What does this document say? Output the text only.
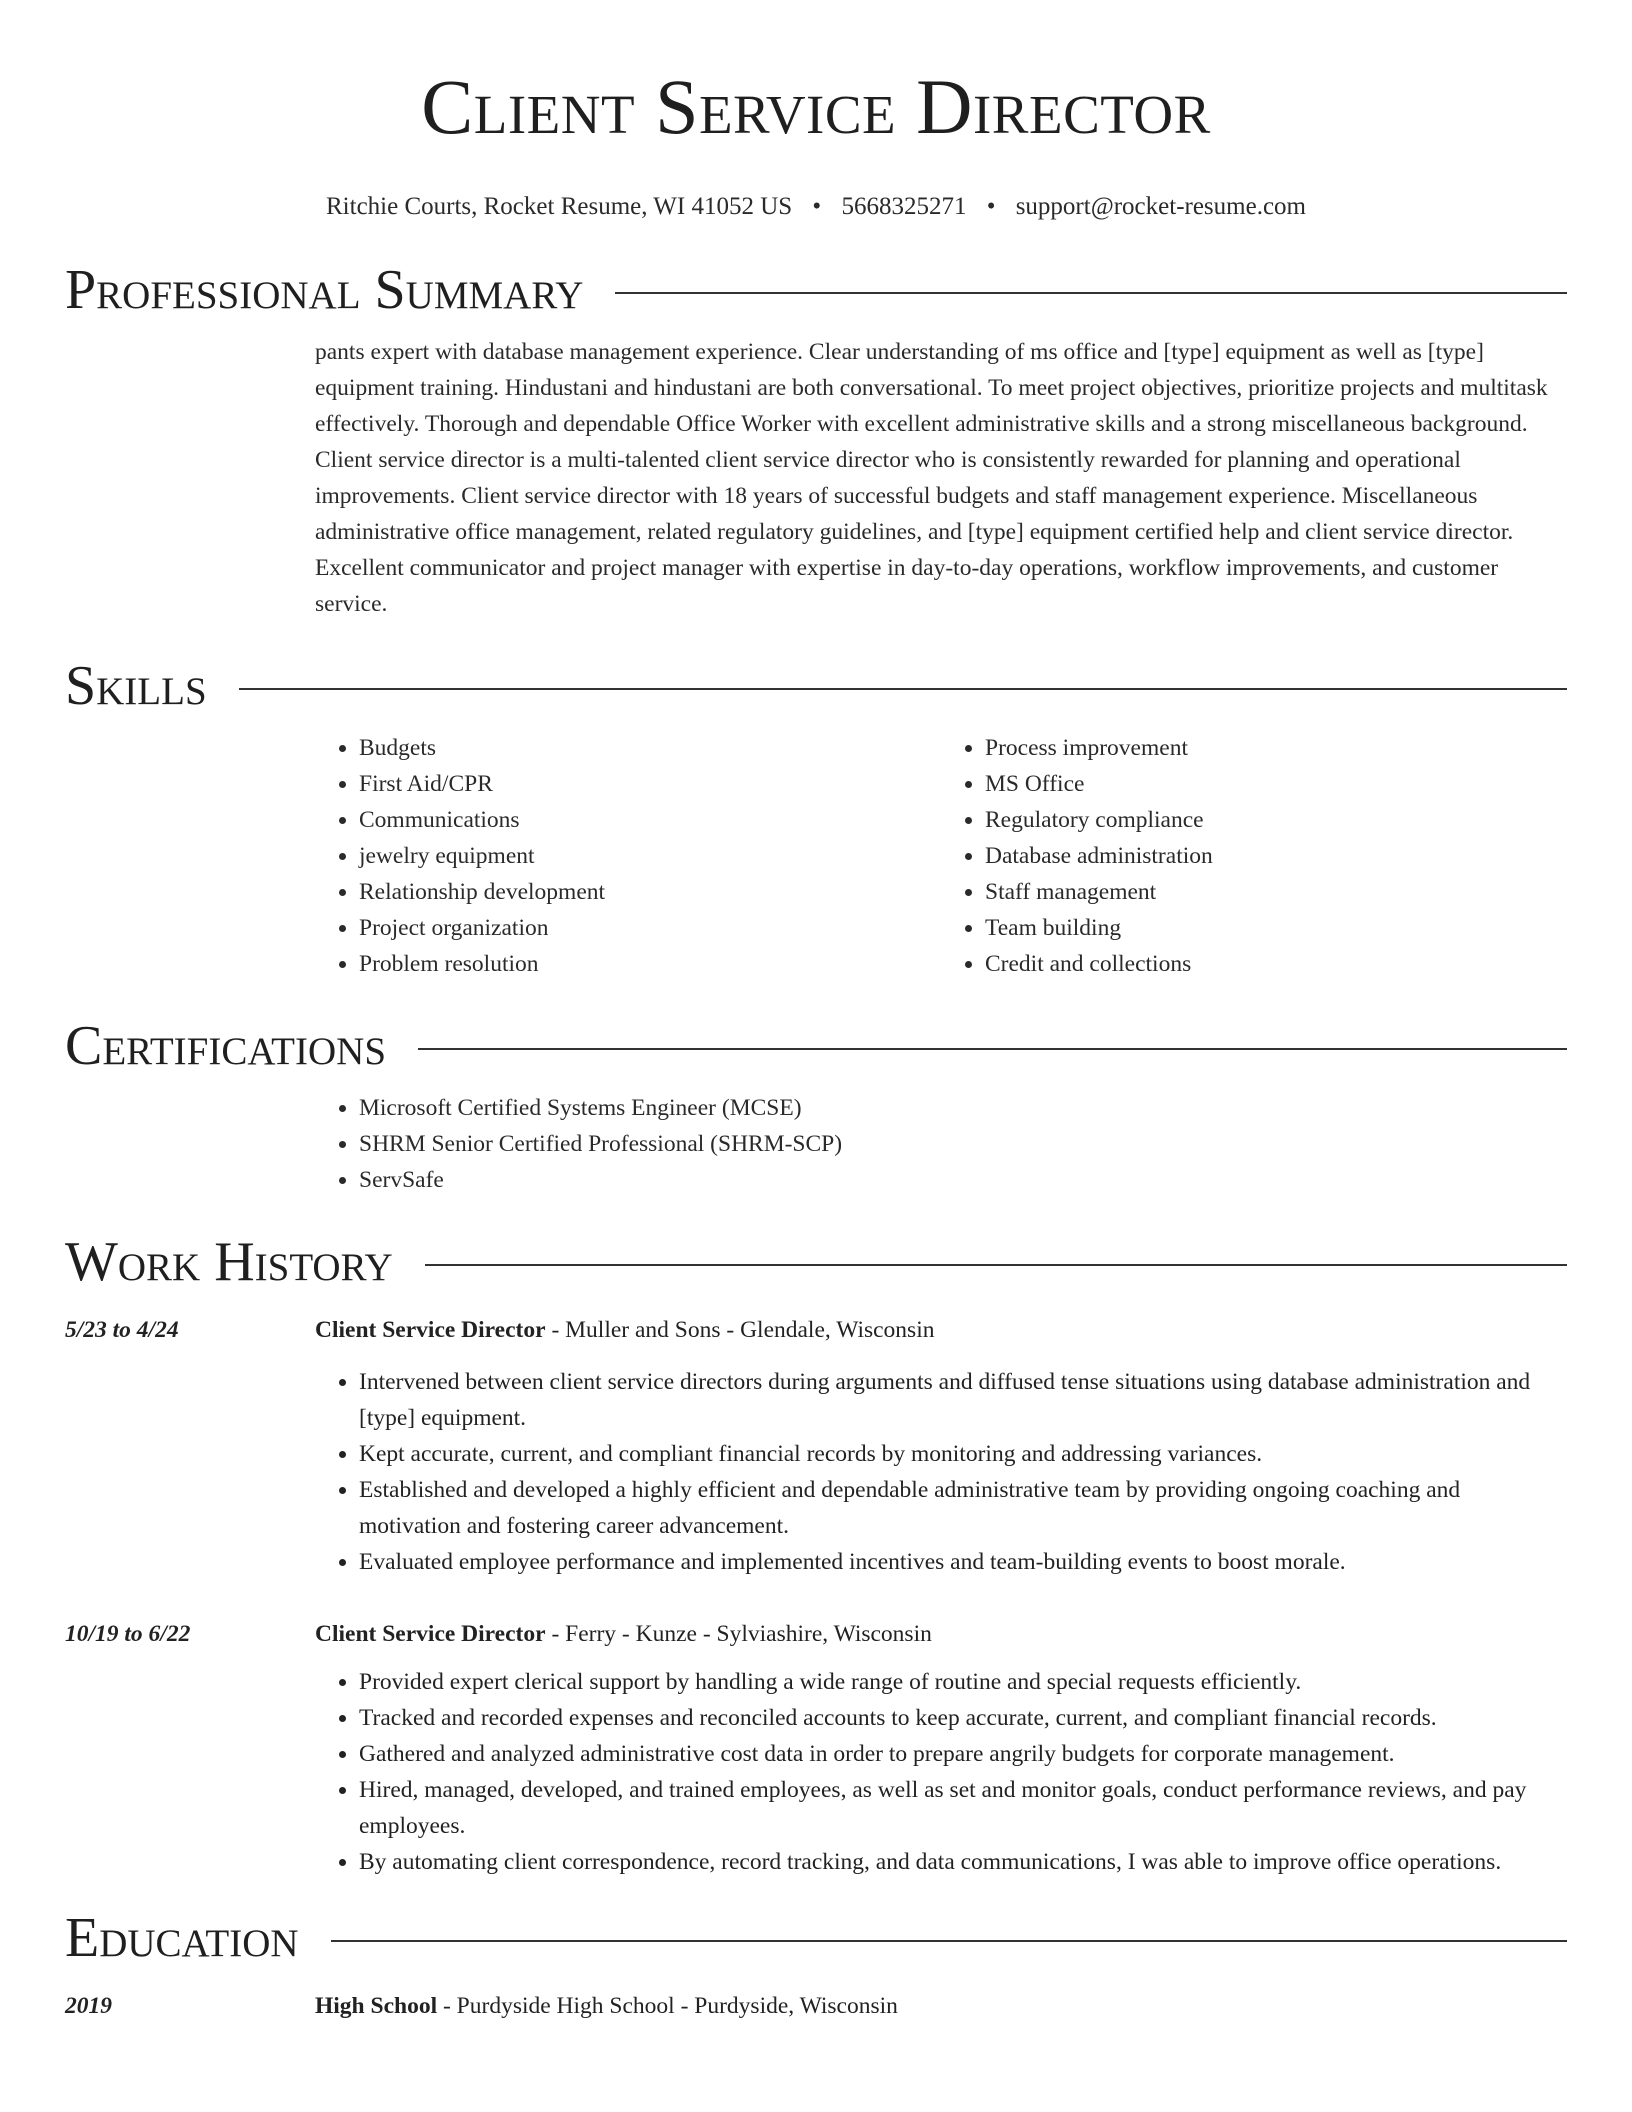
Client Service Director
Ritchie Courts, Rocket Resume, WI 41052 US • 5668325271 • support@rocket-resume.com
Professional Summary
pants expert with database management experience. Clear understanding of ms office and [type] equipment as well as [type] equipment training. Hindustani and hindustani are both conversational. To meet project objectives, prioritize projects and multitask effectively. Thorough and dependable Office Worker with excellent administrative skills and a strong miscellaneous background. Client service director is a multi-talented client service director who is consistently rewarded for planning and operational improvements. Client service director with 18 years of successful budgets and staff management experience. Miscellaneous administrative office management, related regulatory guidelines, and [type] equipment certified help and client service director. Excellent communicator and project manager with expertise in day-to-day operations, workflow improvements, and customer service.
Skills
• Budgets
• First Aid/CPR
• Communications
• jewelry equipment
• Relationship development
• Project organization
• Problem resolution
• Process improvement
• MS Office
• Regulatory compliance
• Database administration
• Staff management
• Team building
• Credit and collections
Certifications
• Microsoft Certified Systems Engineer (MCSE)
• SHRM Senior Certified Professional (SHRM-SCP)
• ServSafe
Work History
5/23 to 4/24	Client Service Director - Muller and Sons - Glendale, Wisconsin

• Intervened between client service directors during arguments and diffused tense situations using database administration and [type] equipment.
• Kept accurate, current, and compliant financial records by monitoring and addressing variances.
• Established and developed a highly efficient and dependable administrative team by providing ongoing coaching and motivation and fostering career advancement.
• Evaluated employee performance and implemented incentives and team-building events to boost morale.
10/19 to 6/22	Client Service Director - Ferry - Kunze - Sylviashire, Wisconsin

• Provided expert clerical support by handling a wide range of routine and special requests efficiently.
• Tracked and recorded expenses and reconciled accounts to keep accurate, current, and compliant financial records.
• Gathered and analyzed administrative cost data in order to prepare angrily budgets for corporate management.
• Hired, managed, developed, and trained employees, as well as set and monitor goals, conduct performance reviews, and pay employees.
• By automating client correspondence, record tracking, and data communications, I was able to improve office operations.
Education
2019	High School - Purdyside High School - Purdyside, Wisconsin
